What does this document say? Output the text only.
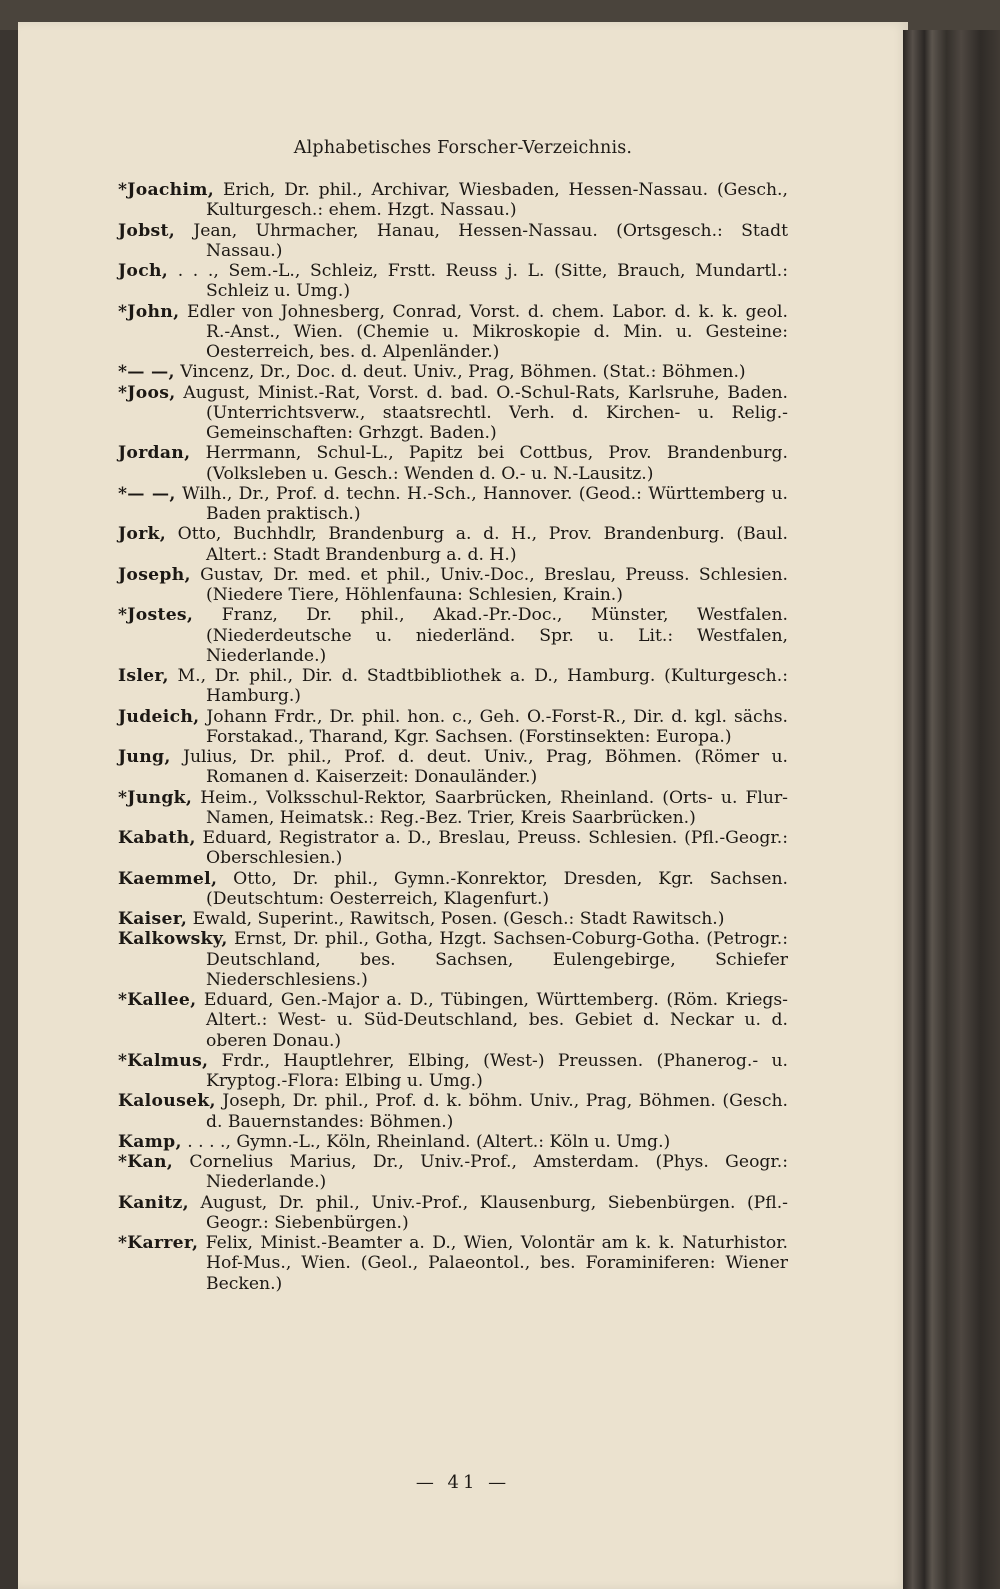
Alphabetisches Forscher-Verzeichnis.
*Joachim, Erich, Dr. phil., Archivar, Wiesbaden, Hessen-Nassau. (Gesch., Kulturgesch.: ehem. Hzgt. Nassau.)
Jobst, Jean, Uhrmacher, Hanau, Hessen-Nassau. (Ortsgesch.: Stadt Nassau.)
Joch, . . ., Sem.-L., Schleiz, Frstt. Reuss j. L. (Sitte, Brauch, Mundartl.: Schleiz u. Umg.)
*John, Edler von Johnesberg, Conrad, Vorst. d. chem. Labor. d. k. k. geol. R.-Anst., Wien. (Chemie u. Mikroskopie d. Min. u. Gesteine: Oesterreich, bes. d. Alpenländer.)
*— —, Vincenz, Dr., Doc. d. deut. Univ., Prag, Böhmen. (Stat.: Böhmen.)
*Joos, August, Minist.-Rat, Vorst. d. bad. O.-Schul-Rats, Karlsruhe, Baden. (Unterrichtsverw., staatsrechtl. Verh. d. Kirchen- u. Relig.-Gemeinschaften: Grhzgt. Baden.)
Jordan, Herrmann, Schul-L., Papitz bei Cottbus, Prov. Brandenburg. (Volksleben u. Gesch.: Wenden d. O.- u. N.-Lausitz.)
*— —, Wilh., Dr., Prof. d. techn. H.-Sch., Hannover. (Geod.: Württemberg u. Baden praktisch.)
Jork, Otto, Buchhdlr, Brandenburg a. d. H., Prov. Brandenburg. (Baul. Altert.: Stadt Brandenburg a. d. H.)
Joseph, Gustav, Dr. med. et phil., Univ.-Doc., Breslau, Preuss. Schlesien. (Niedere Tiere, Höhlenfauna: Schlesien, Krain.)
*Jostes, Franz, Dr. phil., Akad.-Pr.-Doc., Münster, Westfalen. (Niederdeutsche u. niederländ. Spr. u. Lit.: Westfalen, Niederlande.)
Isler, M., Dr. phil., Dir. d. Stadtbibliothek a. D., Hamburg. (Kulturgesch.: Hamburg.)
Judeich, Johann Frdr., Dr. phil. hon. c., Geh. O.-Forst-R., Dir. d. kgl. sächs. Forstakad., Tharand, Kgr. Sachsen. (Forstinsekten: Europa.)
Jung, Julius, Dr. phil., Prof. d. deut. Univ., Prag, Böhmen. (Römer u. Romanen d. Kaiserzeit: Donauländer.)
*Jungk, Heim., Volksschul-Rektor, Saarbrücken, Rheinland. (Orts- u. Flur-Namen, Heimatsk.: Reg.-Bez. Trier, Kreis Saarbrücken.)
Kabath, Eduard, Registrator a. D., Breslau, Preuss. Schlesien. (Pfl.-Geogr.: Oberschlesien.)
Kaemmel, Otto, Dr. phil., Gymn.-Konrektor, Dresden, Kgr. Sachsen. (Deutschtum: Oesterreich, Klagenfurt.)
Kaiser, Ewald, Superint., Rawitsch, Posen. (Gesch.: Stadt Rawitsch.)
Kalkowsky, Ernst, Dr. phil., Gotha, Hzgt. Sachsen-Coburg-Gotha. (Petrogr.: Deutschland, bes. Sachsen, Eulengebirge, Schiefer Niederschlesiens.)
*Kallee, Eduard, Gen.-Major a. D., Tübingen, Württemberg. (Röm. Kriegs-Altert.: West- u. Süd-Deutschland, bes. Gebiet d. Neckar u. d. oberen Donau.)
*Kalmus, Frdr., Hauptlehrer, Elbing, (West-) Preussen. (Phanerog.- u. Kryptog.-Flora: Elbing u. Umg.)
Kalousek, Joseph, Dr. phil., Prof. d. k. böhm. Univ., Prag, Böhmen. (Gesch. d. Bauernstandes: Böhmen.)
Kamp, . . . ., Gymn.-L., Köln, Rheinland. (Altert.: Köln u. Umg.)
*Kan, Cornelius Marius, Dr., Univ.-Prof., Amsterdam. (Phys. Geogr.: Niederlande.)
Kanitz, August, Dr. phil., Univ.-Prof., Klausenburg, Siebenbürgen. (Pfl.-Geogr.: Siebenbürgen.)
*Karrer, Felix, Minist.-Beamter a. D., Wien, Volontär am k. k. Naturhistor. Hof-Mus., Wien. (Geol., Palaeontol., bes. Foraminiferen: Wiener Becken.)
— 41 —
